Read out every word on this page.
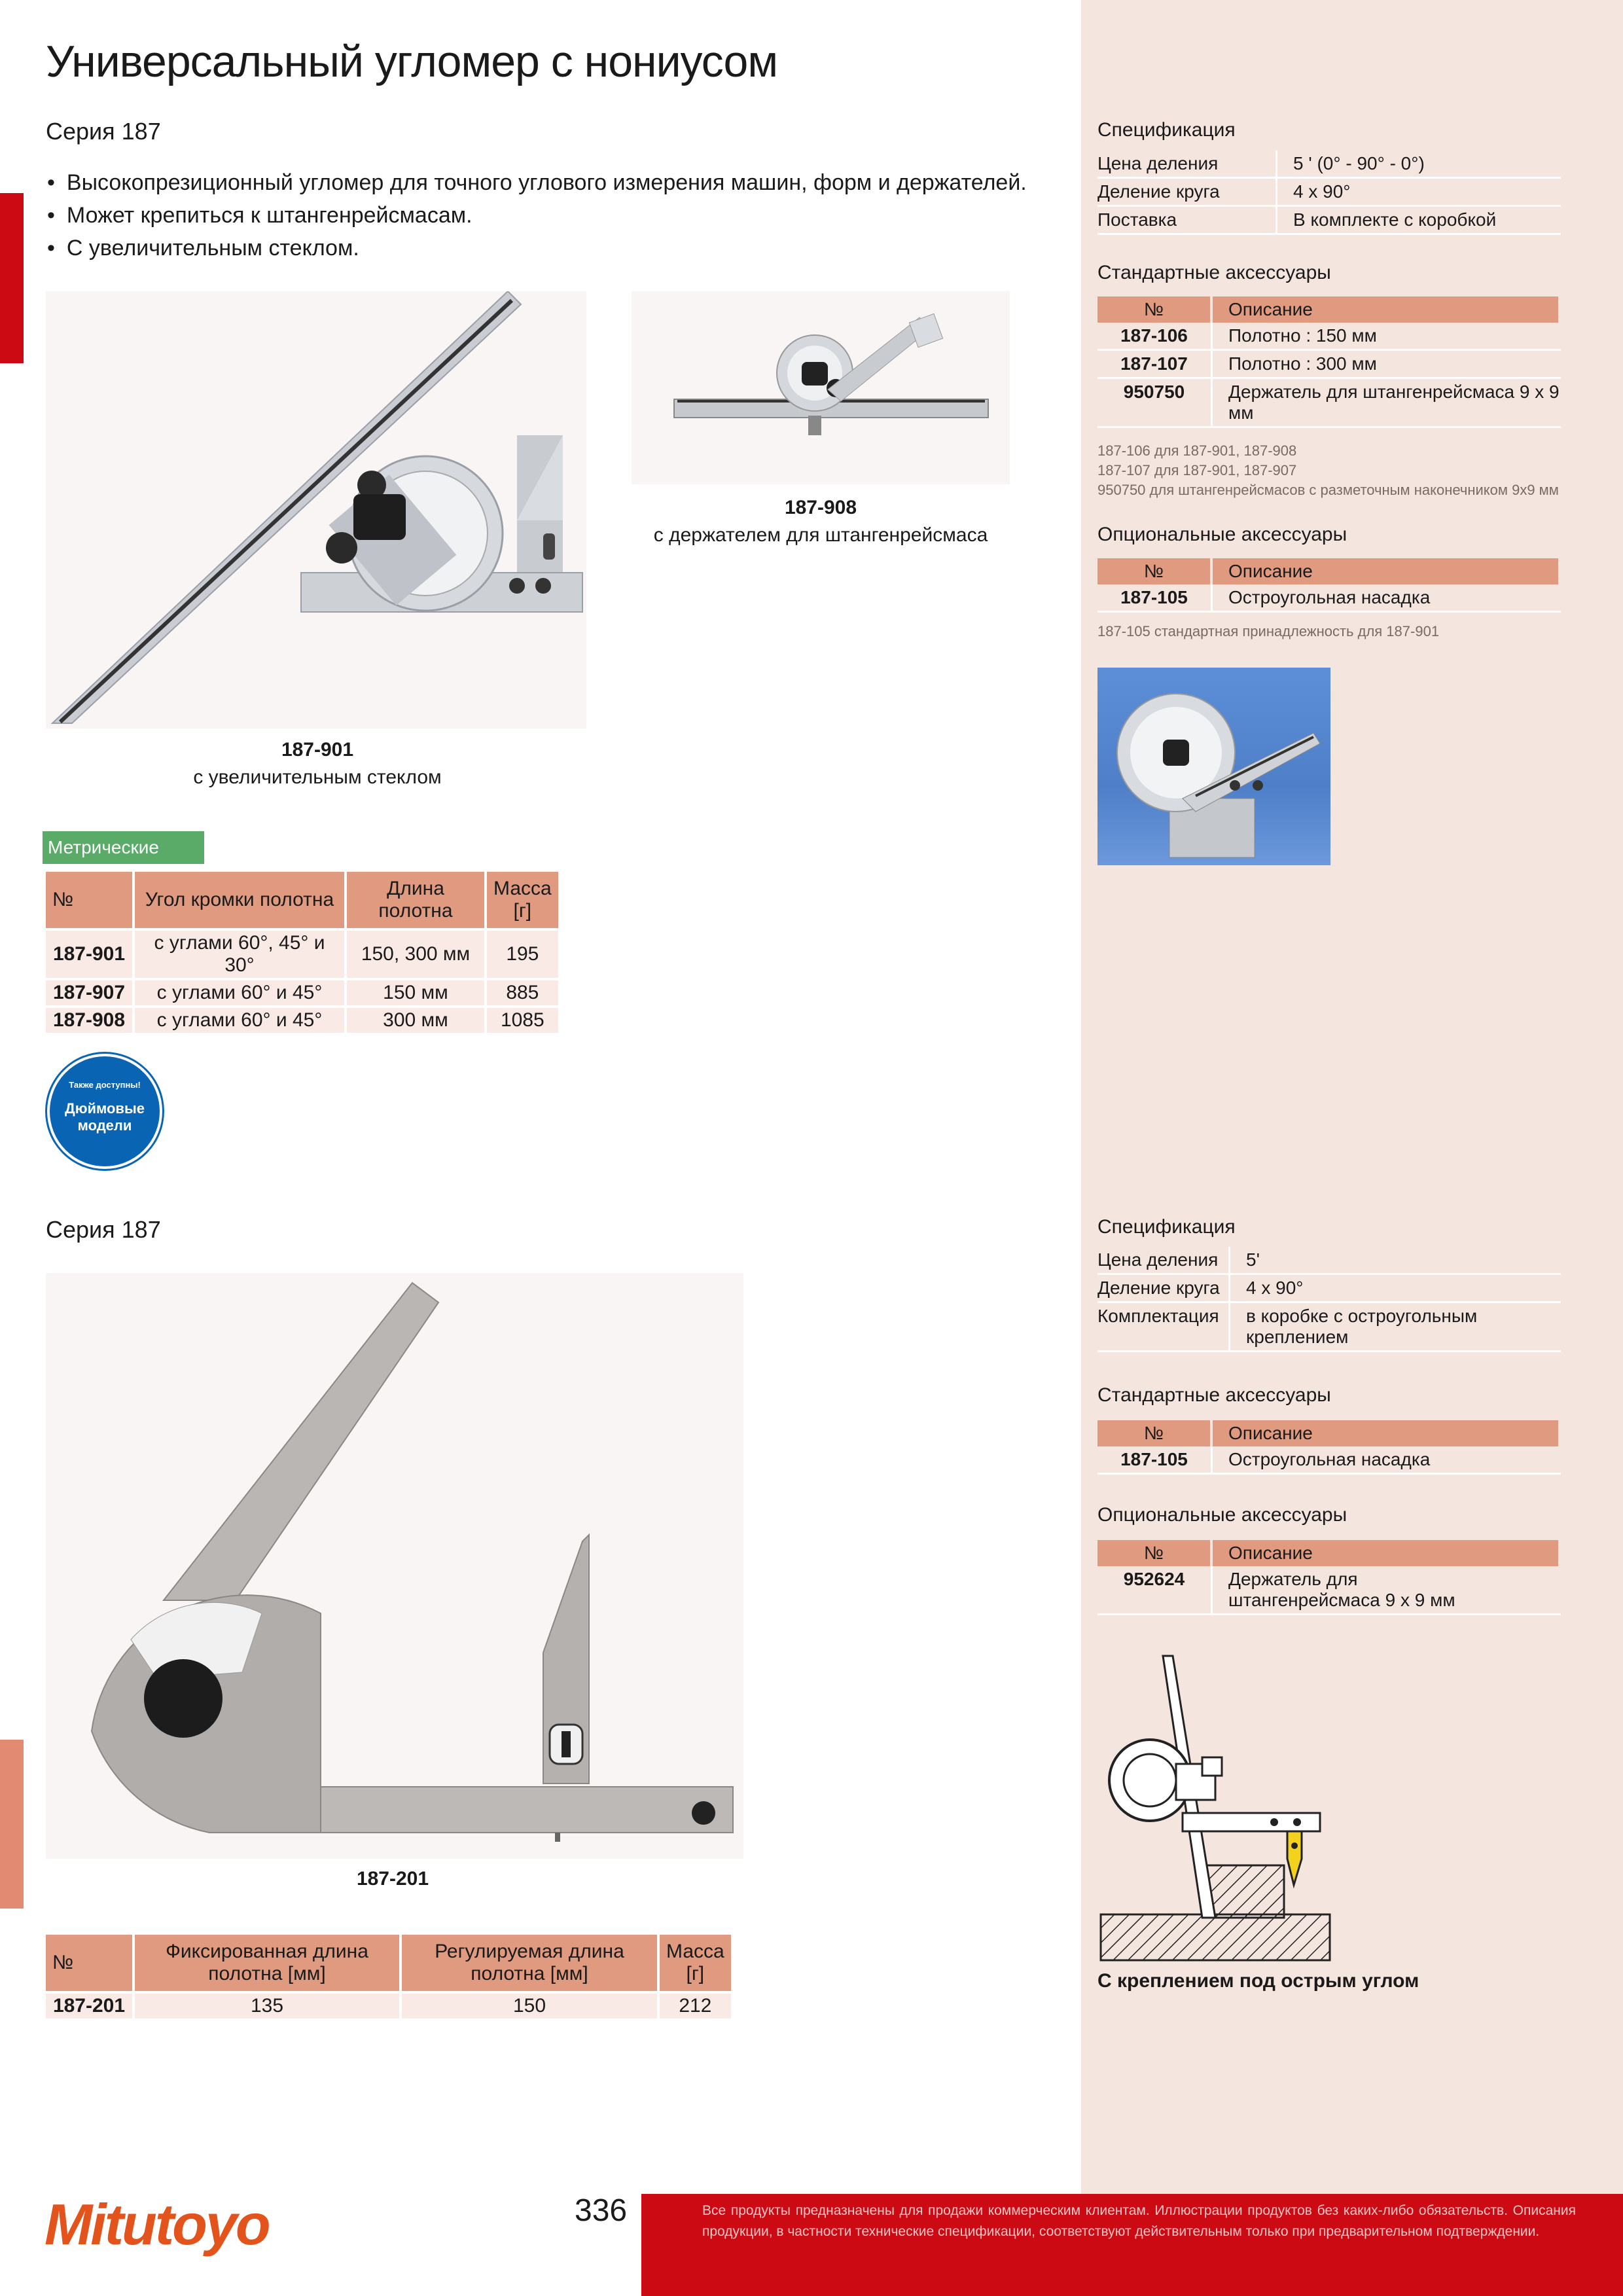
Универсальный угломер с нониусом
Серия 187
• Высокопрезиционный угломер для точного углового измерения машин, форм и держателей.
• Может крепиться к штангенрейсмасам.
• С увеличительным стеклом.
187-901
с увеличительным стеклом
187-908
с держателем для штангенрейсмаса
Метрические
№	Угол кромки полотна	Длина полотна	Масса [г]
187-901	с углами 60°, 45° и 30°	150, 300 мм	195
187-907	с углами 60° и 45°	150 мм	885
187-908	с углами 60° и 45°	300 мм	1085
Также доступны!
Дюймовые
модели
Спецификация
Цена деления	5 ' (0° - 90° - 0°)
Деление круга	4 x 90°
Поставка	В комплекте с коробкой
Стандартные аксессуары
№	Описание
187-106	Полотно : 150 мм
187-107	Полотно : 300 мм
950750	Держатель для штангенрейсмаса 9 x 9 мм
187-106 для 187-901, 187-908
187-107 для 187-901, 187-907
950750 для штангенрейсмасов с разметочным наконечником 9x9 мм
Опциональные аксессуары
№	Описание
187-105	Остроугольная насадка
187-105 стандартная принадлежность для 187-901
Серия 187
187-201
№	Фиксированная длина полотна [мм]	Регулируемая длина полотна [мм]	Масса [г]
187-201	135	150	212
Спецификация
Цена деления	5'
Деление круга	4 x 90°
Комплектация	в коробке с остроугольным креплением
Стандартные аксессуары
№	Описание
187-105	Остроугольная насадка
Опциональные аксессуары
№	Описание
952624	Держатель для штангенрейсмаса 9 x 9 мм
С креплением под острым углом
Mitutoyo	336	Все продукты предназначены для продажи коммерческим клиентам. Иллюстрации продуктов без каких-либо обязательств. Описания продукции, в частности технические спецификации, соответствуют действительным только при предварительном подтверждении.
